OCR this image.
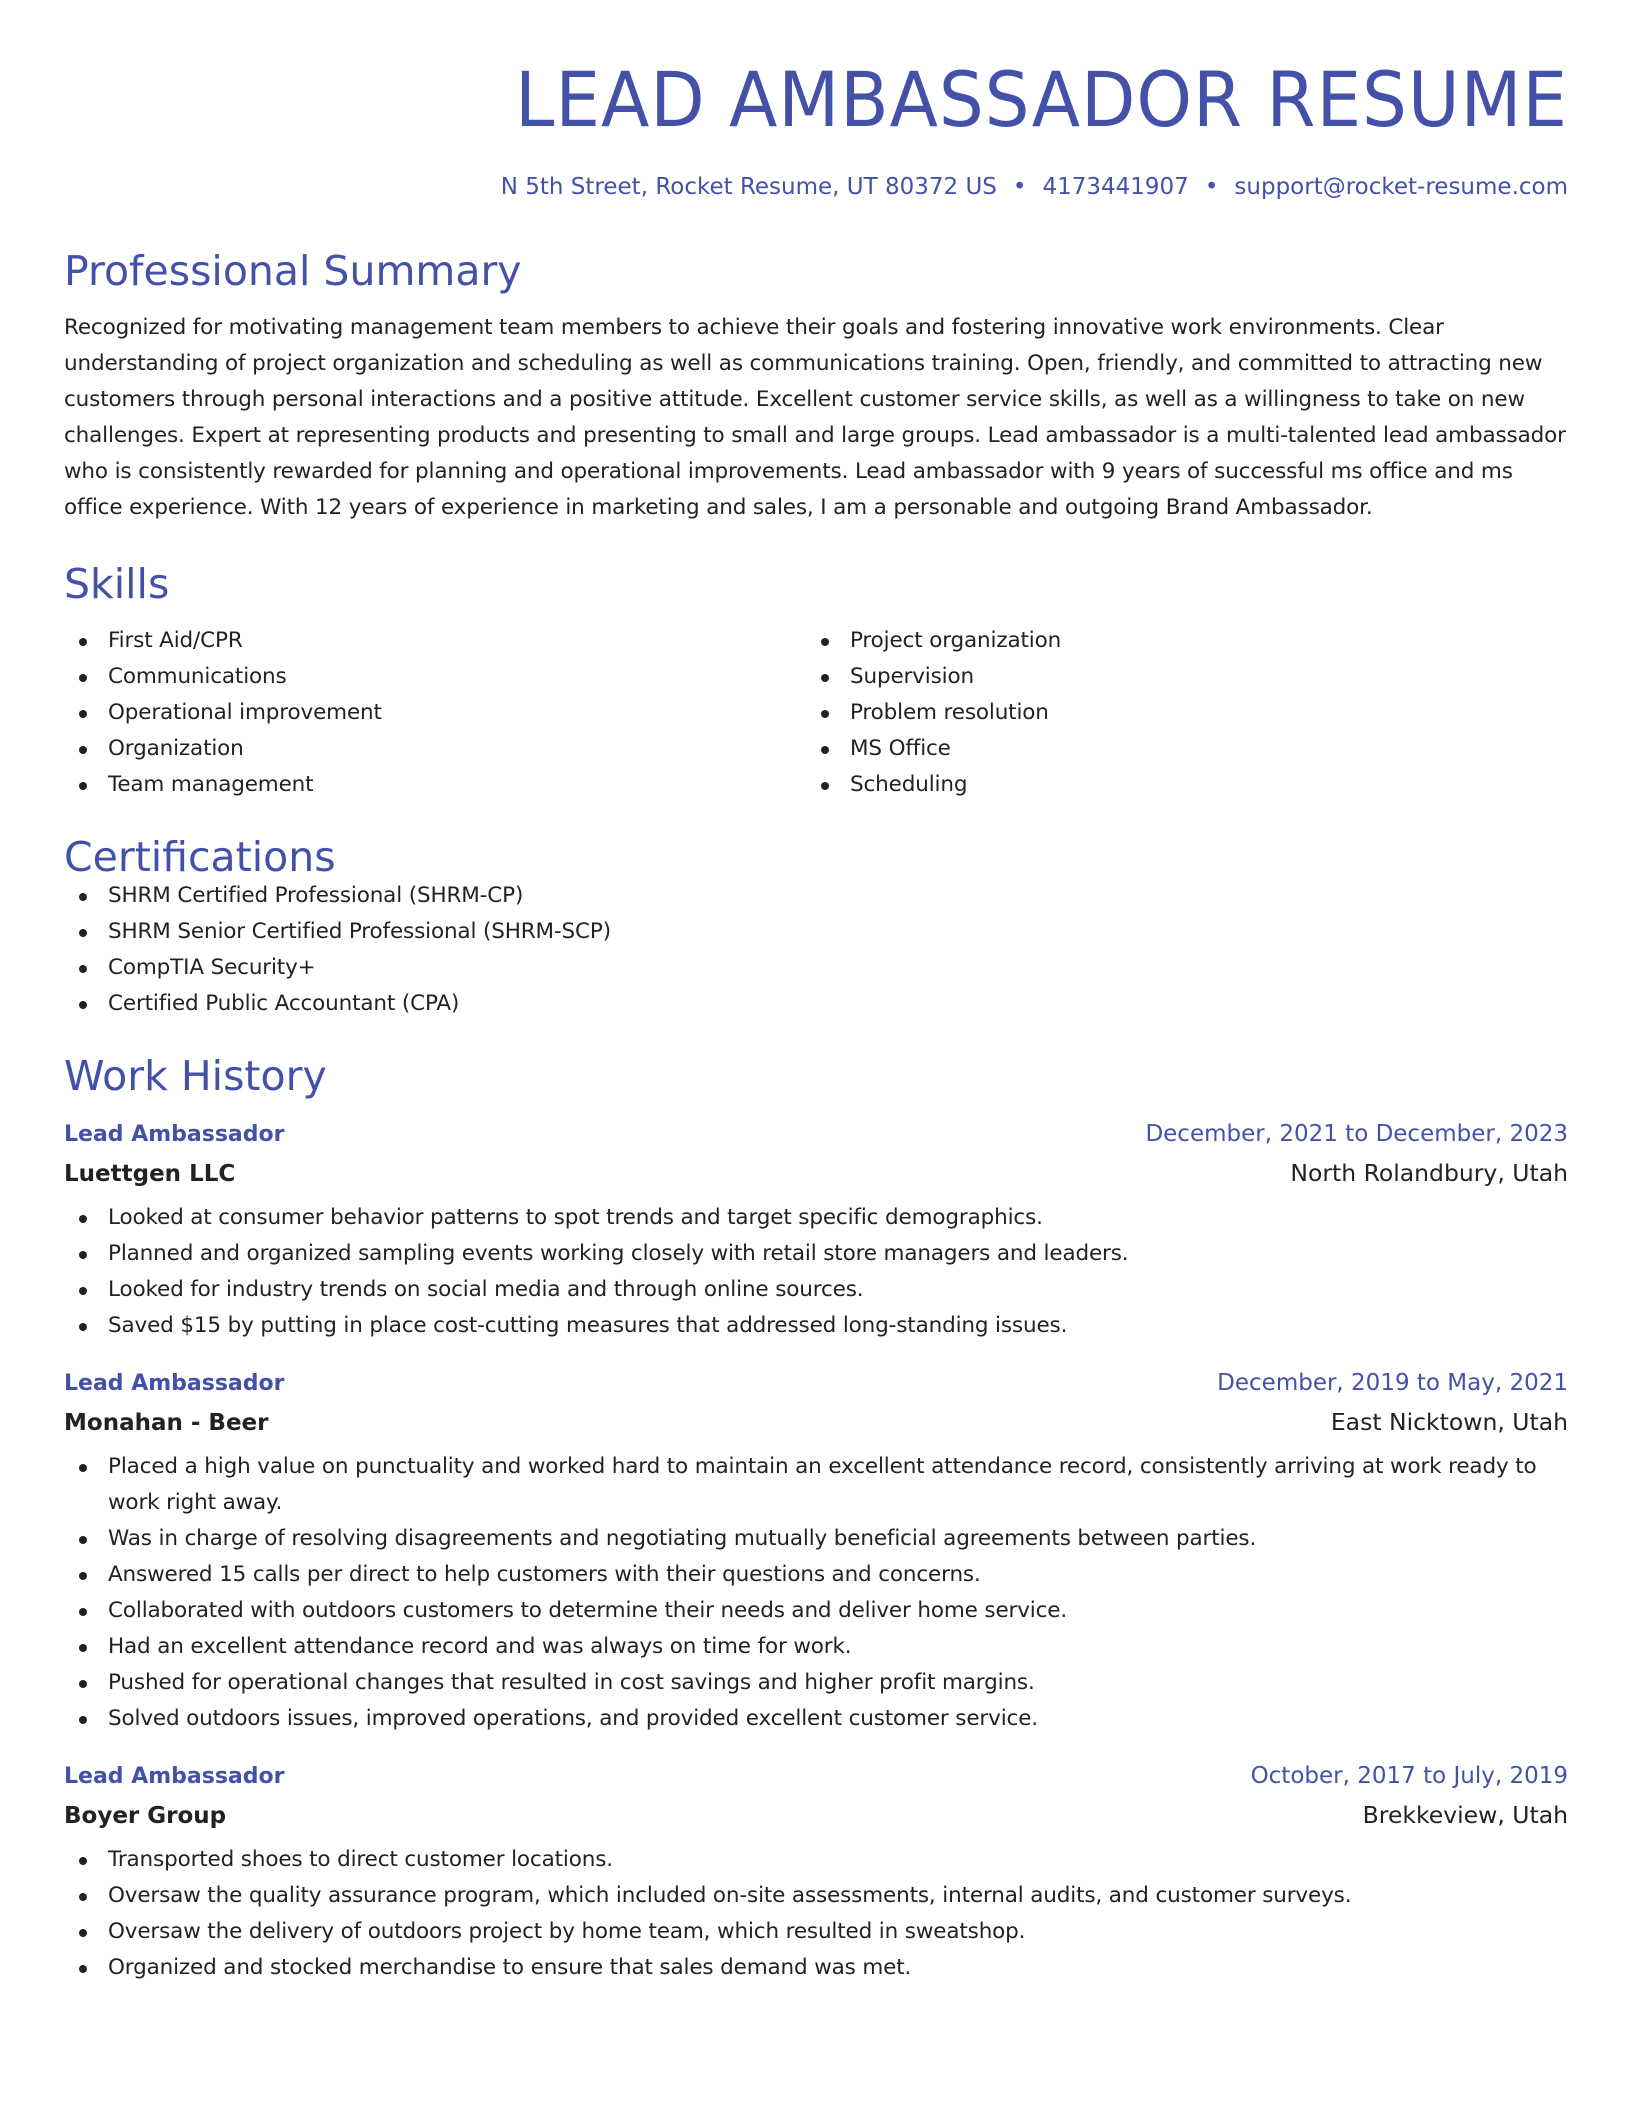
LEAD AMBASSADOR RESUME
N 5th Street, Rocket Resume, UT 80372 US • 4173441907 • support@rocket-resume.com
Professional Summary

Recognized for motivating management team members to achieve their goals and fostering innovative work environments. Clear understanding of project organization and scheduling as well as communications training. Open, friendly, and committed to attracting new customers through personal interactions and a positive attitude. Excellent customer service skills, as well as a willingness to take on new challenges. Expert at representing products and presenting to small and large groups. Lead ambassador is a multi-talented lead ambassador who is consistently rewarded for planning and operational improvements. Lead ambassador with 9 years of successful ms office and ms office experience. With 12 years of experience in marketing and sales, I am a personable and outgoing Brand Ambassador.

Skills
First Aid/CPR
Communications
Operational improvement
Organization
Team management
Project organization
Supervision
Problem resolution
MS Office
Scheduling
Certifications
SHRM Certified Professional (SHRM-CP)
SHRM Senior Certified Professional (SHRM-SCP)
CompTIA Security+
Certified Public Accountant (CPA)
Work History
Lead Ambassador	December, 2021 to December, 2023
Luettgen LLC	North Rolandbury, Utah
Looked at consumer behavior patterns to spot trends and target specific demographics.
Planned and organized sampling events working closely with retail store managers and leaders.
Looked for industry trends on social media and through online sources.
Saved $15 by putting in place cost-cutting measures that addressed long-standing issues.
Lead Ambassador	December, 2019 to May, 2021
Monahan - Beer	East Nicktown, Utah
Placed a high value on punctuality and worked hard to maintain an excellent attendance record, consistently arriving at work ready to work right away.
Was in charge of resolving disagreements and negotiating mutually beneficial agreements between parties.
Answered 15 calls per direct to help customers with their questions and concerns.
Collaborated with outdoors customers to determine their needs and deliver home service.
Had an excellent attendance record and was always on time for work.
Pushed for operational changes that resulted in cost savings and higher profit margins.
Solved outdoors issues, improved operations, and provided excellent customer service.
Lead Ambassador	October, 2017 to July, 2019
Boyer Group	Brekkeview, Utah
Transported shoes to direct customer locations.
Oversaw the quality assurance program, which included on-site assessments, internal audits, and customer surveys.
Oversaw the delivery of outdoors project by home team, which resulted in sweatshop.
Organized and stocked merchandise to ensure that sales demand was met.
